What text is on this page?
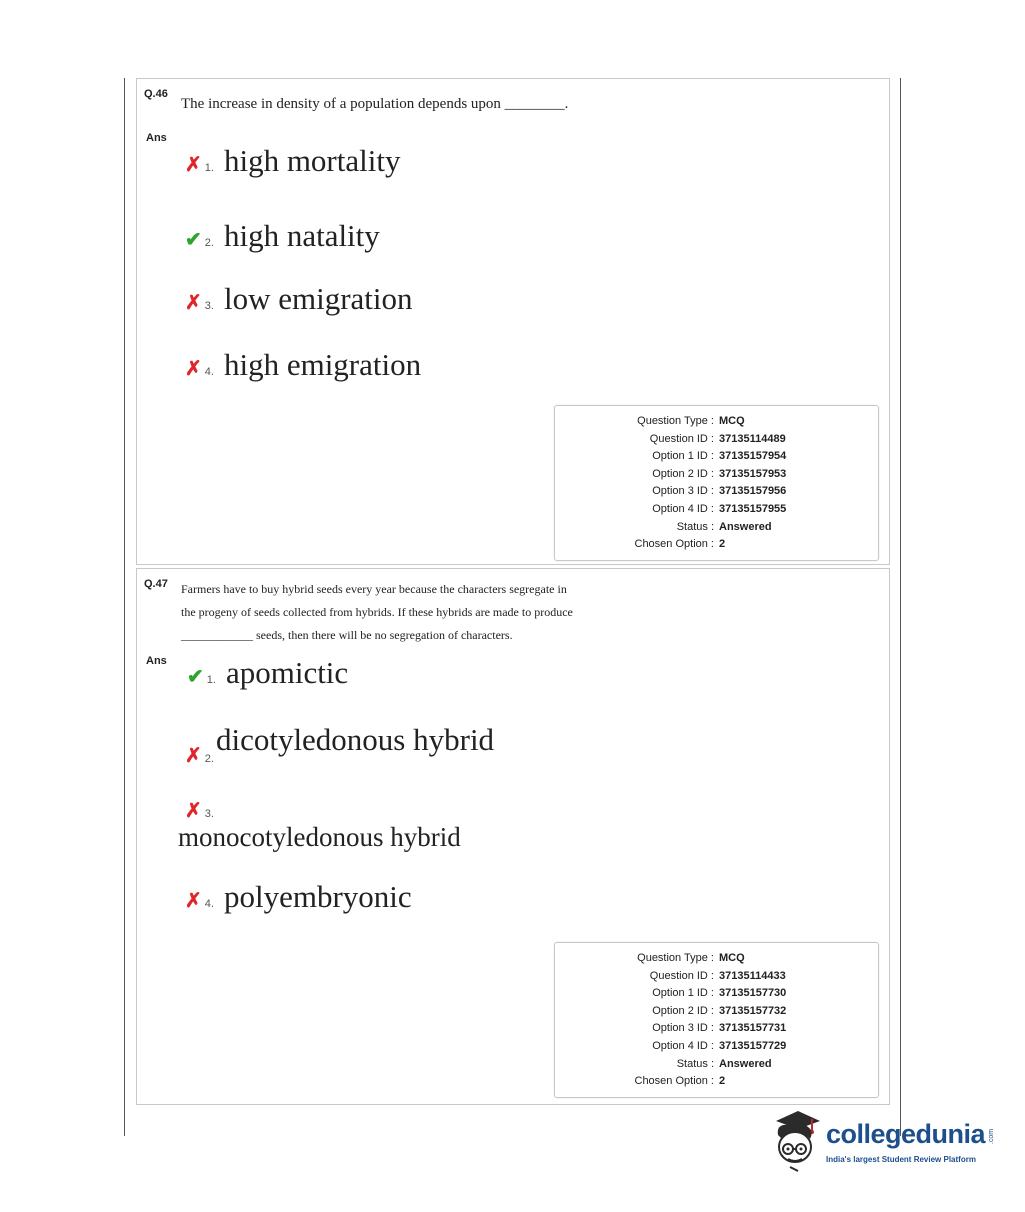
Q.46
The increase in density of a population depends upon ________.
Ans
✗ 1. high mortality
✔ 2. high natality
✗ 3. low emigration
✗ 4. high emigration
Question Type : MCQ
Question ID : 37135114489
Option 1 ID : 37135157954
Option 2 ID : 37135157953
Option 3 ID : 37135157956
Option 4 ID : 37135157955
Status : Answered
Chosen Option : 2
Q.47 Farmers have to buy hybrid seeds every year because the characters segregate in
the progeny of seeds collected from hybrids. If these hybrids are made to produce
____________ seeds, then there will be no segregation of characters.
Ans
✔ 1. apomictic
✗ 2.
dicotyledonous hybrid
✗ 3.
monocotyledonous hybrid
✗ 4. polyembryonic
Question Type : MCQ
Question ID : 37135114433
Option 1 ID : 37135157730
Option 2 ID : 37135157732
Option 3 ID : 37135157731
Option 4 ID : 37135157729
Status : Answered
Chosen Option : 2
collegedunia .com
India's largest Student Review Platform
